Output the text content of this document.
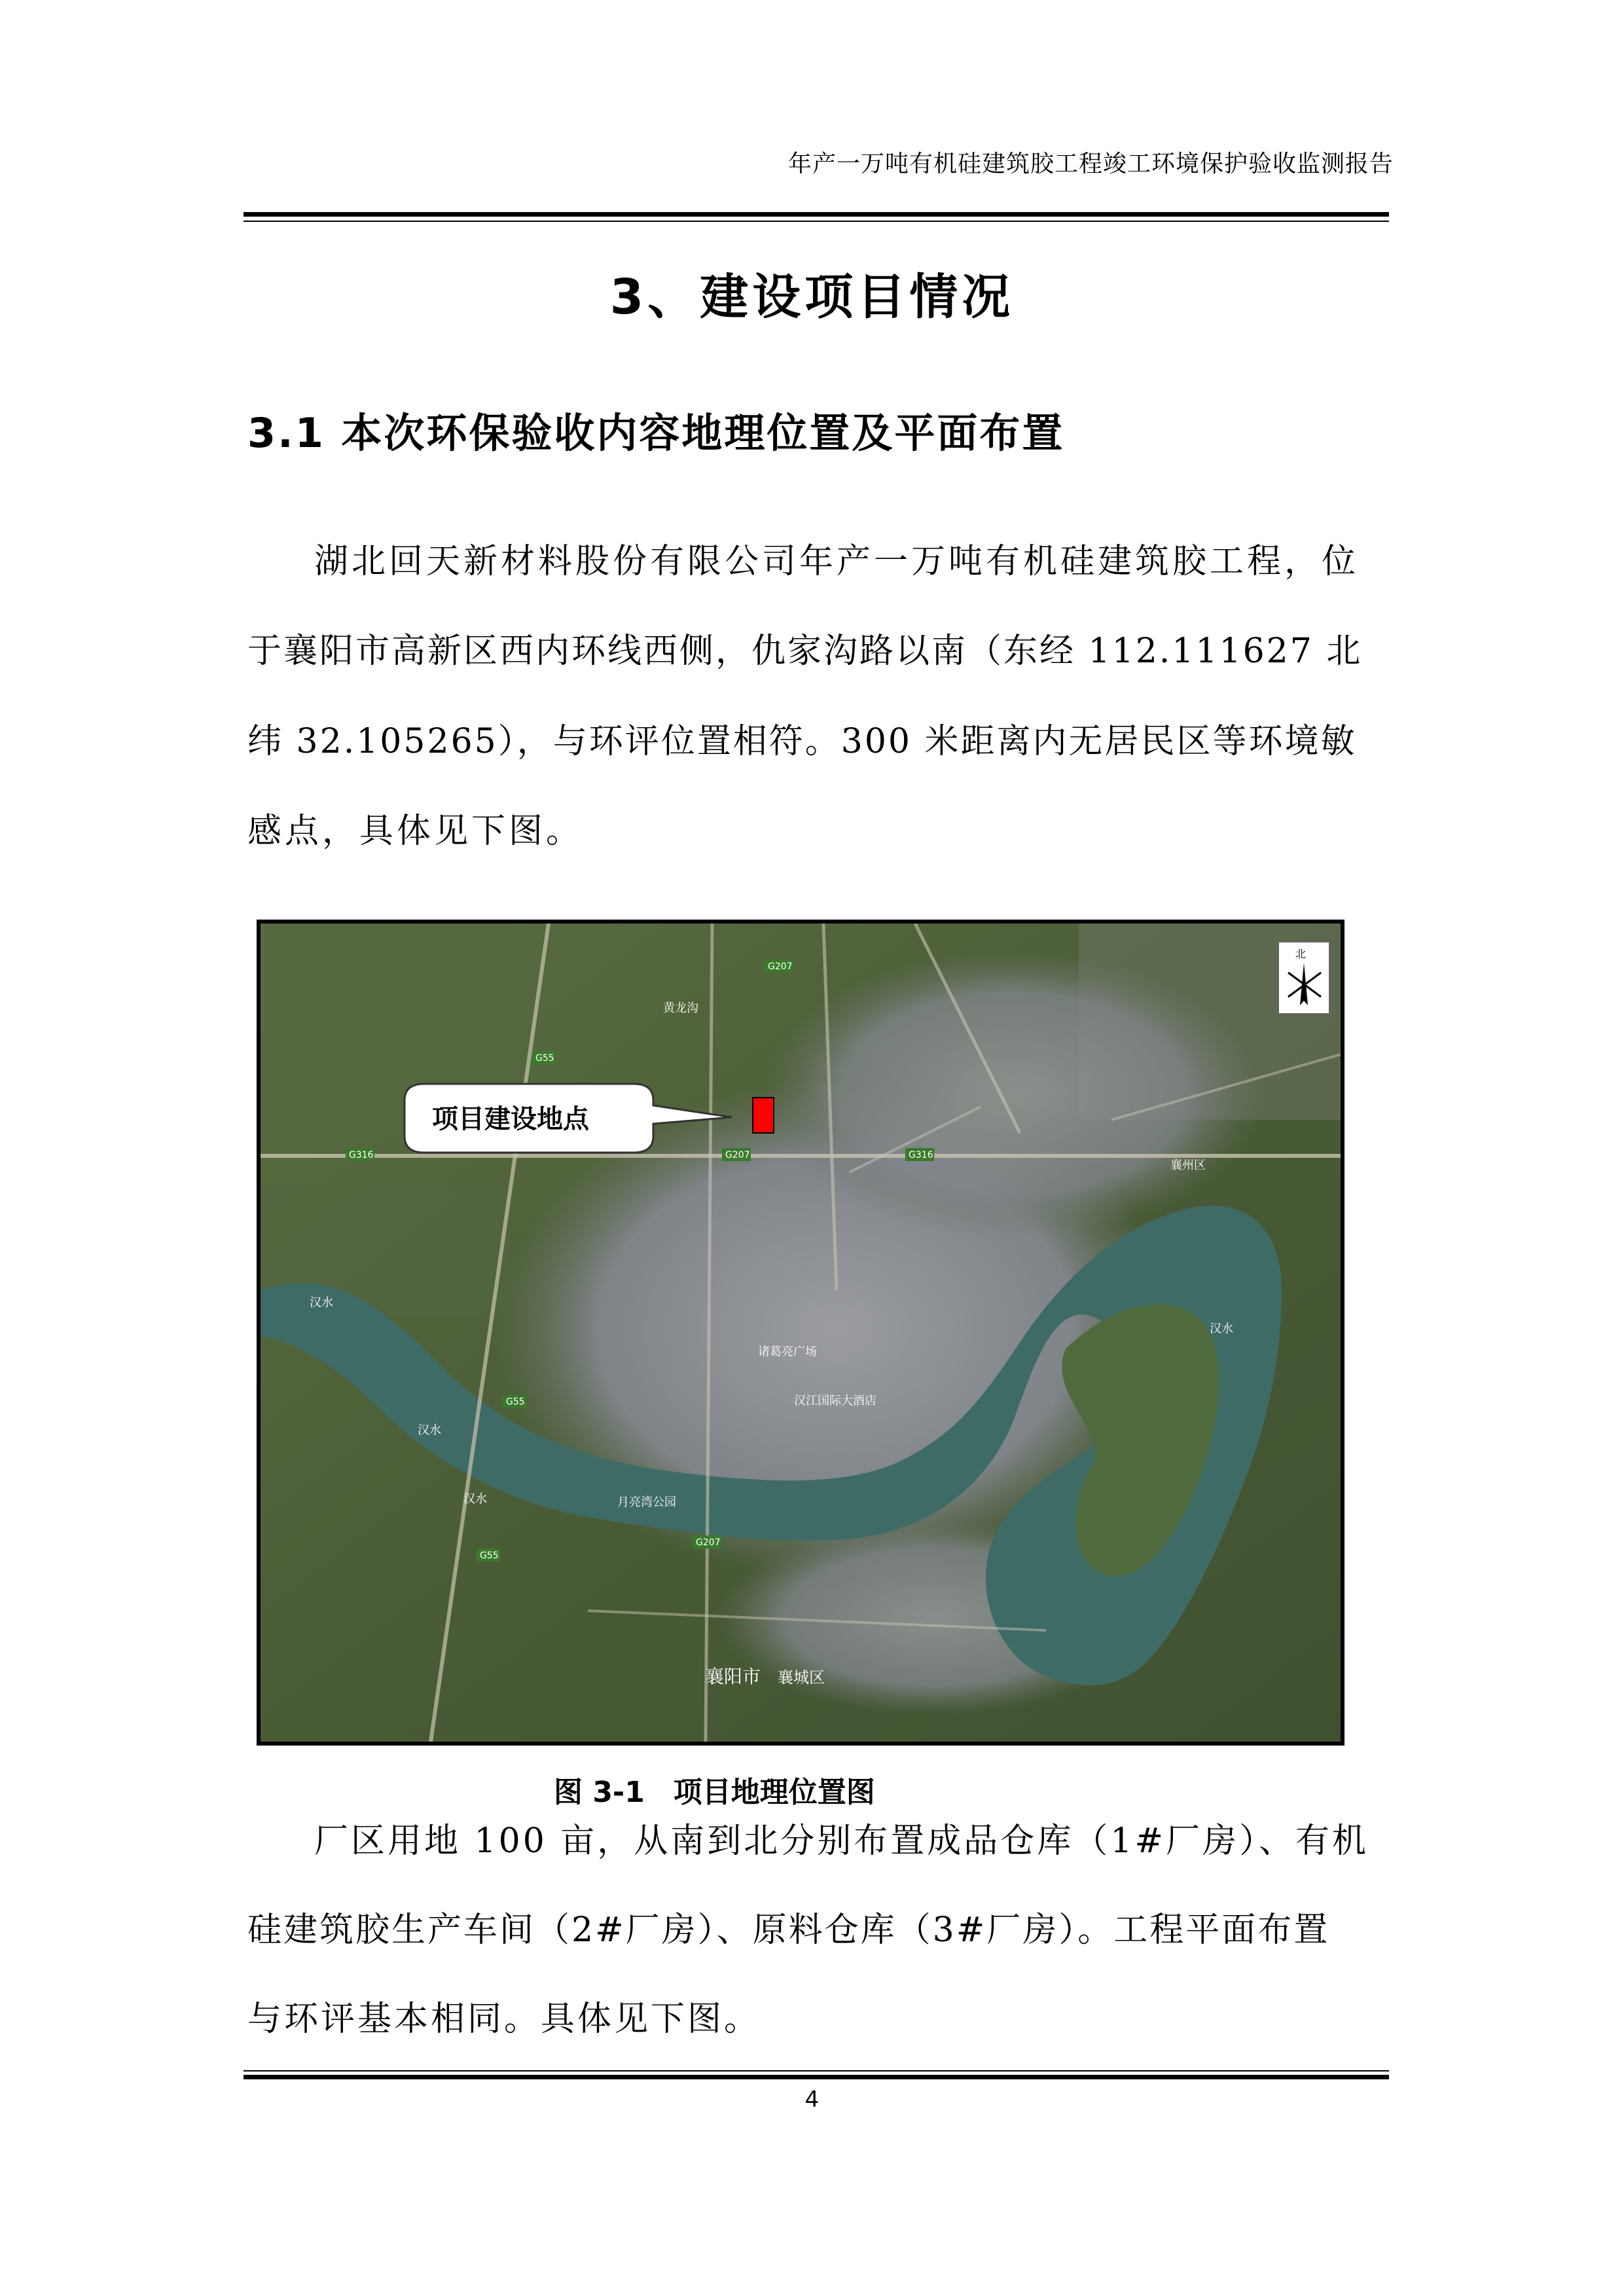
年产一万吨有机硅建筑胶工程竣工环境保护验收监测报告
3、建设项目情况
3.1 本次环保验收内容地理位置及平面布置
湖北回天新材料股份有限公司年产一万吨有机硅建筑胶工程，位
于襄阳市高新区西内环线西侧，仇家沟路以南（东经 112.111627 北
纬 32.105265），与环评位置相符。300 米距离内无居民区等环境敏
感点，具体见下图。
襄州区
襄阳市 襄城区
汉水
汉水
汉水
汉水
诸葛亮广场
汉江国际大酒店
月亮湾公园
黄龙沟
G316	G316
G207
G207
G207
G55
G55
G55
项目建设地点
北
图 3-1　项目地理位置图
厂区用地 100 亩，从南到北分别布置成品仓库（1#厂房）、有机
硅建筑胶生产车间（2#厂房）、原料仓库（3#厂房）。工程平面布置
与环评基本相同。具体见下图。
4
